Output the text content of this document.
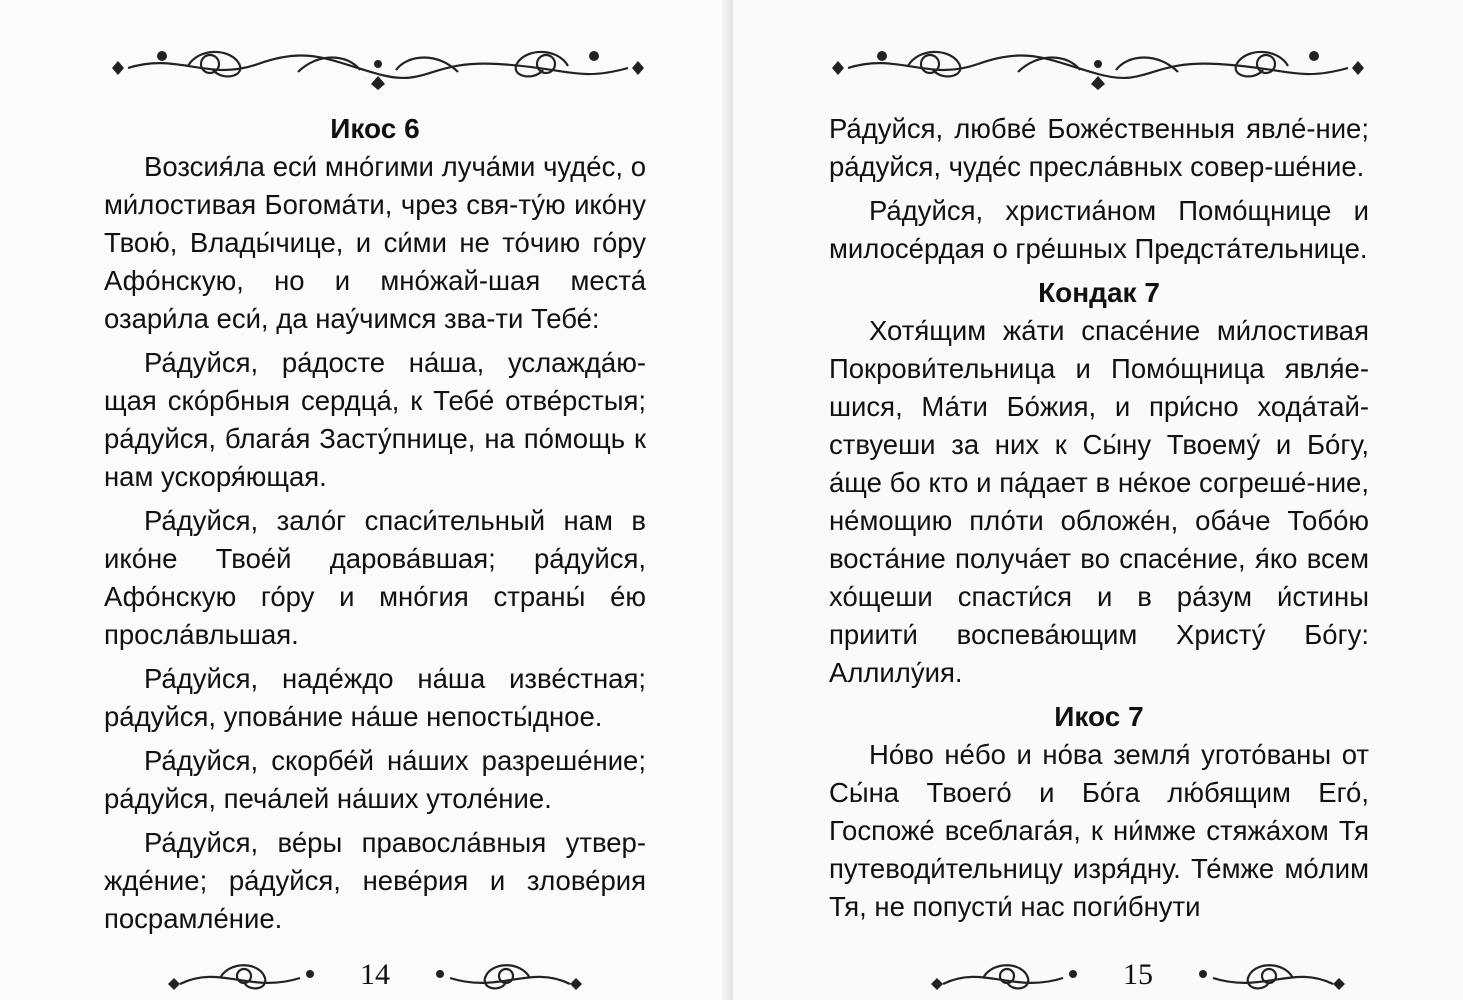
Икос 6

Возсия́ла еси́ мно́гими луча́ми чуде́с, о ми́лостивая Богома́ти, чрез свя-ту́ю ико́ну Твою́, Влады́чице, и си́ми не то́чию го́ру Афо́нскую, но и мно́жай-шая места́ озари́ла еси́, да нау́чимся зва-ти Тебе́:

Ра́дуйся, ра́досте на́ша, услажда́ю-щая ско́рбныя сердца́, к Тебе́ отве́рстыя; ра́дуйся, блага́я Засту́пнице, на по́мощь к нам ускоря́ющая.

Ра́дуйся, зало́г спаси́тельный нам в ико́не Твое́й дарова́вшая; ра́дуйся, Афо́нскую го́ру и мно́гия страны́ е́ю просла́вльшая.

Ра́дуйся, наде́ждо на́ша изве́стная; ра́дуйся, упова́ние на́ше непосты́дное.

Ра́дуйся, скорбе́й на́ших разреше́ние; ра́дуйся, печа́лей на́ших утоле́ние.

Ра́дуйся, ве́ры правосла́вныя утвер-жде́ние; ра́дуйся, неве́рия и злове́рия посрамле́ние.

14

Ра́дуйся, любве́ Боже́ственныя явле́-ние; ра́дуйся, чуде́с пресла́вных совер-ше́ние.

Ра́дуйся, христиа́ном Помо́щнице и милосе́рдая о гре́шных Предста́тельнице.

Кондак 7

Хотя́щим жа́ти спасе́ние ми́лостивая Покрови́тельница и Помо́щница явля́е-шися, Ма́ти Бо́жия, и при́сно хода́тай-ствуеши за них к Сы́ну Твоему́ и Бо́гу, а́ще бо кто и па́дает в не́кое согреше́-ние, не́мощию пло́ти обложе́н, оба́че Тобо́ю воста́ние получа́ет во спасе́ние, я́ко всем хо́щеши спасти́ся и в ра́зум и́стины приити́ воспева́ющим Христу́ Бо́гу: Аллилу́ия.

Икос 7

Но́во не́бо и но́ва земля́ угото́ваны от Сы́на Твоего́ и Бо́га лю́бящим Его́, Госпоже́ всеблага́я, к ни́мже стяжа́хом Тя путеводи́тельницу изря́дну. Те́мже мо́лим Тя, не попусти́ нас поги́бнути

15
